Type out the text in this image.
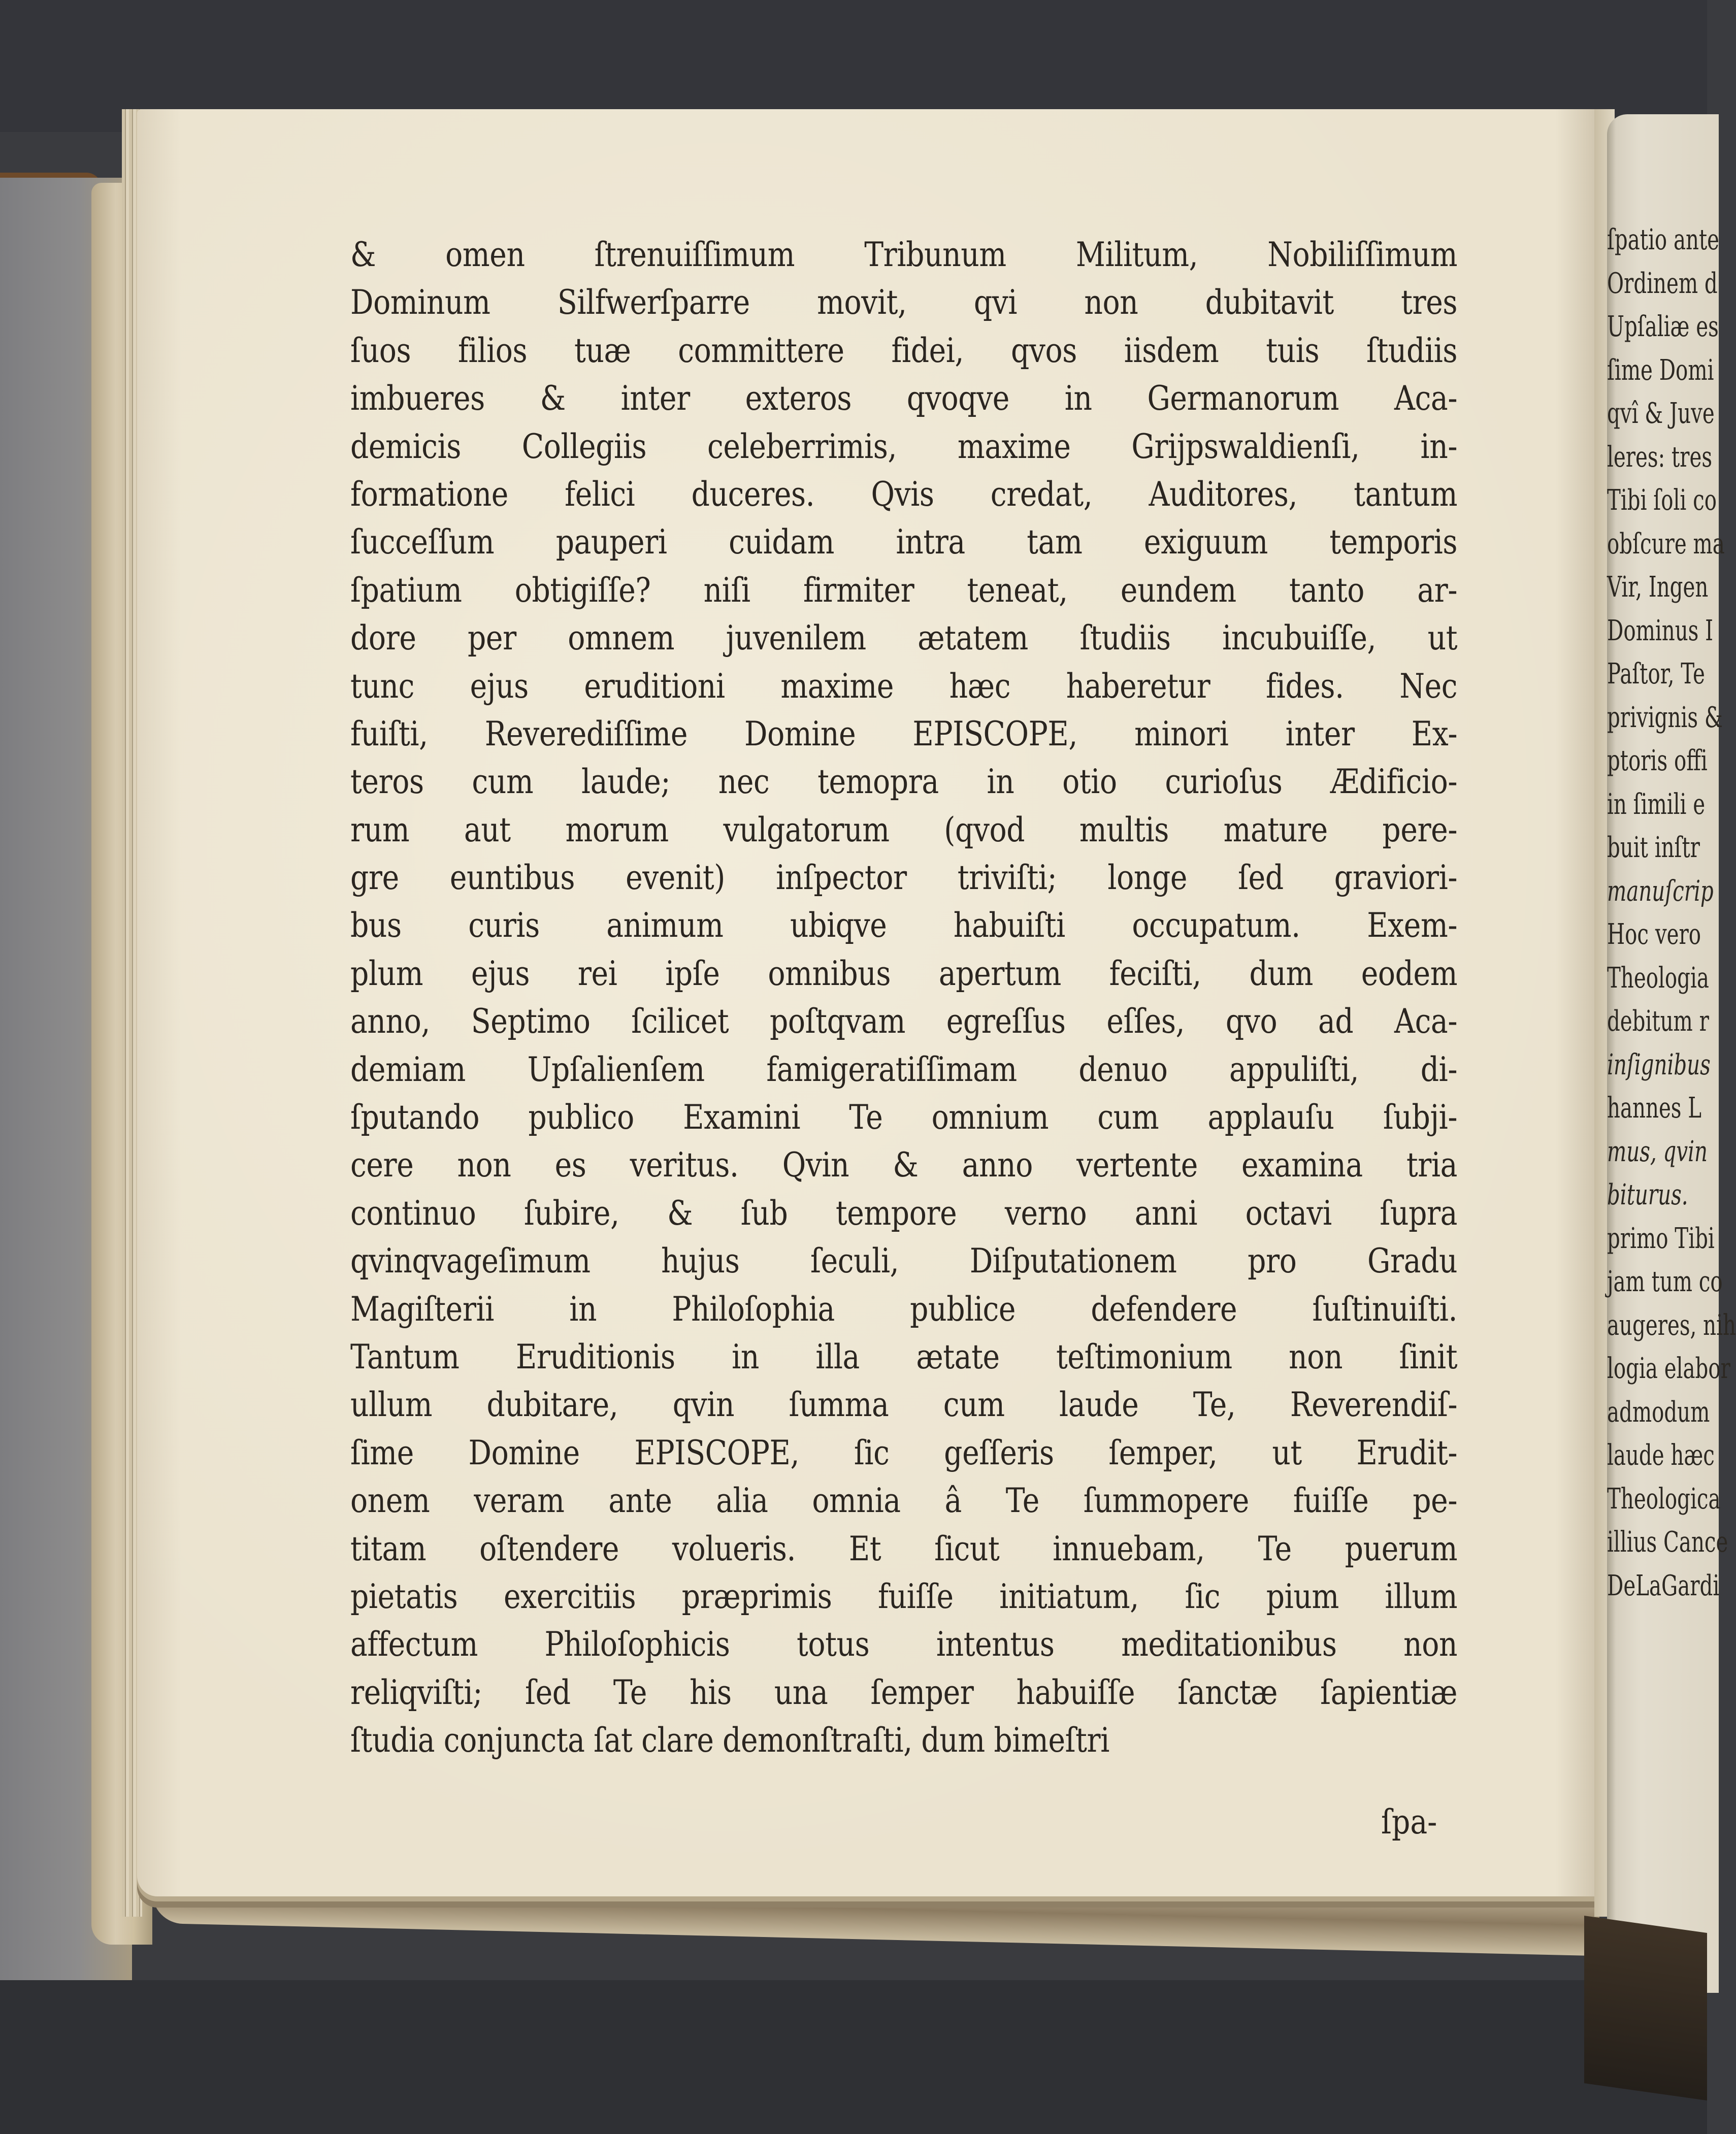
& omen ſtrenuiſſimum Tribunum Militum, Nobiliſſimum
Dominum Silfwerſparre movit, qvi non dubitavit tres
ſuos filios tuæ committere fidei, qvos iisdem tuis ſtudiis
imbueres & inter exteros qvoqve in Germanorum Aca-
demicis Collegiis celeberrimis, maxime Grijpswaldienſi, in-
formatione felici duceres. Qvis credat, Auditores, tantum
ſucceſſum pauperi cuidam intra tam exiguum temporis
ſpatium obtigiſſe? niſi firmiter teneat, eundem tanto ar-
dore per omnem juvenilem ætatem ſtudiis incubuiſſe, ut
tunc ejus eruditioni maxime hæc haberetur fides. Nec
fuiſti, Reverediſſime Domine EPISCOPE, minori inter Ex-
teros cum laude; nec temopra in otio curioſus Ædificio-
rum aut morum vulgatorum (qvod multis mature pere-
gre euntibus evenit) inſpector triviſti; longe ſed graviori-
bus curis animum ubiqve habuiſti occupatum. Exem-
plum ejus rei ipſe omnibus apertum feciſti, dum eodem
anno, Septimo ſcilicet poſtqvam egreſſus eſſes, qvo ad Aca-
demiam Upſalienſem famigeratiſſimam denuo appuliſti, di-
ſputando publico Examini Te omnium cum applauſu ſubji-
cere non es veritus. Qvin & anno vertente examina tria
continuo ſubire, & ſub tempore verno anni octavi ſupra
qvinqvageſimum hujus ſeculi, Diſputationem pro Gradu
Magiſterii in Philoſophia publice defendere ſuſtinuiſti.
Tantum Eruditionis in illa ætate teſtimonium non ſinit
ullum dubitare, qvin ſumma cum laude Te, Reverendiſ-
ſime Domine EPISCOPE, ſic geſſeris ſemper, ut Erudit-
onem veram ante alia omnia â Te ſummopere fuiſſe pe-
titam oſtendere volueris. Et ſicut innuebam, Te puerum
pietatis exercitiis præprimis fuiſſe initiatum, ſic pium illum
affectum Philoſophicis totus intentus meditationibus non
reliqviſti; ſed Te his una ſemper habuiſſe ſanctæ ſapientiæ
ſtudia conjuncta ſat clare demonſtraſti, dum bimeſtri
ſpa-
ſpatio ante
Ordinem d
Upſaliæ es
ſime Domi
qvî & Juve
leres: tres
Tibi ſoli co
obſcure ma
Vir, Ingen
Dominus I
Paſtor, Te
privignis &
ptoris offi
in ſimili e
buit inſtr
manuſcrip
Hoc vero
Theologia
debitum r
inſignibus
hannes L
mus, qvin
biturus.
primo Tibi
jam tum co
augeres, nih
logia elabor
admodum
laude hæc
Theologica
illius Cance
DeLaGardi
